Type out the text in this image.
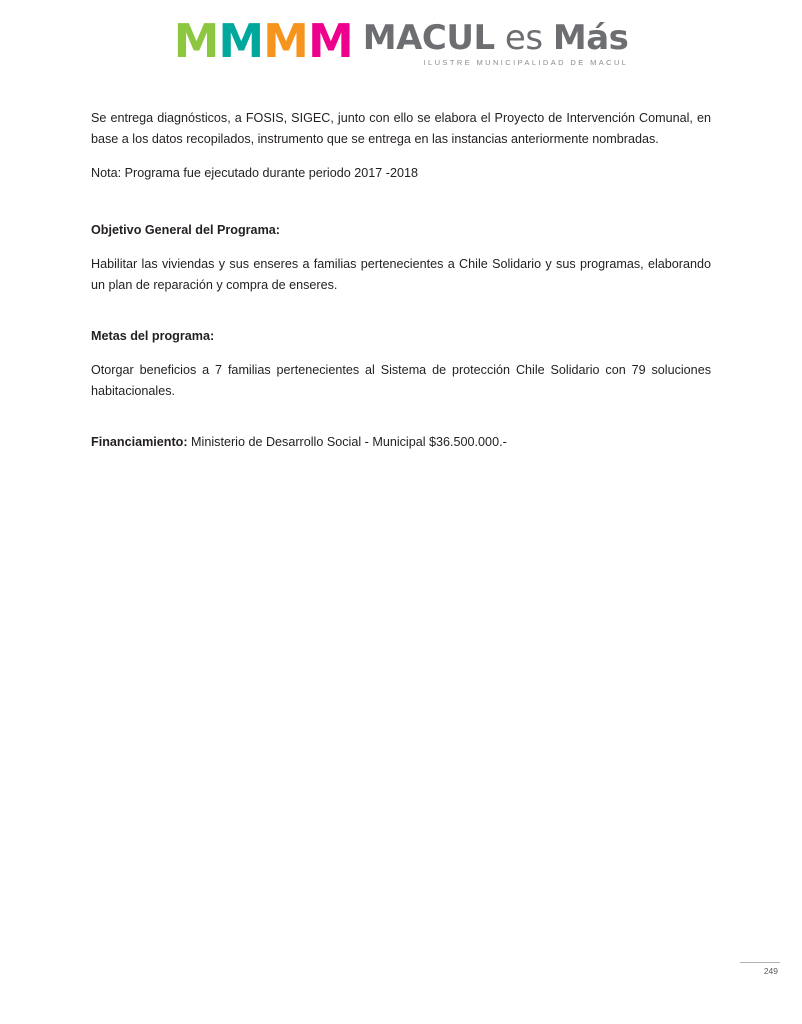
M M M M MACUL es Más
ILUSTRE MUNICIPALIDAD DE MACUL

Se entrega diagnósticos, a FOSIS, SIGEC, junto con ello se elabora el Proyecto de Intervención Comunal, en base a los datos recopilados, instrumento que se entrega en las instancias anteriormente nombradas.

Nota: Programa fue ejecutado durante periodo 2017 -2018

Objetivo General del Programa:

Habilitar las viviendas y sus enseres a familias pertenecientes a Chile Solidario y sus programas, elaborando un plan de reparación y compra de enseres.

Metas del programa:

Otorgar beneficios a 7 familias pertenecientes al Sistema de protección Chile Solidario con 79 soluciones habitacionales.

Financiamiento: Ministerio de Desarrollo Social - Municipal $36.500.000.-

249
